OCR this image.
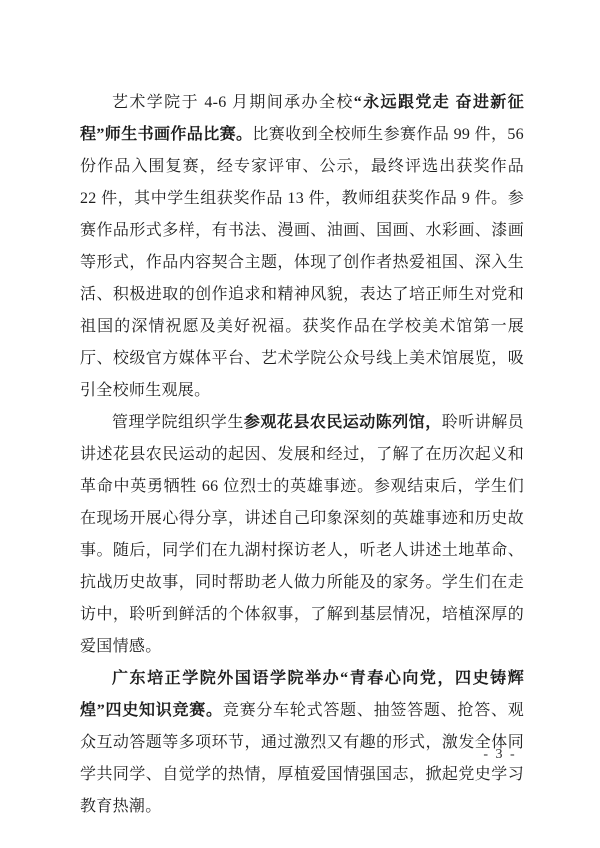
艺术学院于 4-6 月期间承办全校“永远跟党走 奋进新征程”师生书画作品比赛。比赛收到全校师生参赛作品 99 件，56 份作品入围复赛，经专家评审、公示，最终评选出获奖作品 22 件，其中学生组获奖作品 13 件，教师组获奖作品 9 件。参赛作品形式多样，有书法、漫画、油画、国画、水彩画、漆画等形式，作品内容契合主题，体现了创作者热爱祖国、深入生活、积极进取的创作追求和精神风貌，表达了培正师生对党和祖国的深情祝愿及美好祝福。获奖作品在学校美术馆第一展厅、校级官方媒体平台、艺术学院公众号线上美术馆展览，吸引全校师生观展。

管理学院组织学生参观花县农民运动陈列馆，聆听讲解员讲述花县农民运动的起因、发展和经过，了解了在历次起义和革命中英勇牺牲 66 位烈士的英雄事迹。参观结束后，学生们在现场开展心得分享，讲述自己印象深刻的英雄事迹和历史故事。随后，同学们在九湖村探访老人，听老人讲述土地革命、抗战历史故事，同时帮助老人做力所能及的家务。学生们在走访中，聆听到鲜活的个体叙事，了解到基层情况，培植深厚的爱国情感。

广东培正学院外国语学院举办“青春心向党，四史铸辉煌”四史知识竞赛。竞赛分车轮式答题、抽签答题、抢答、观众互动答题等多项环节，通过激烈又有趣的形式，激发全体同学共同学、自觉学的热情，厚植爱国情强国志，掀起党史学习教育热潮。

- 3 -
